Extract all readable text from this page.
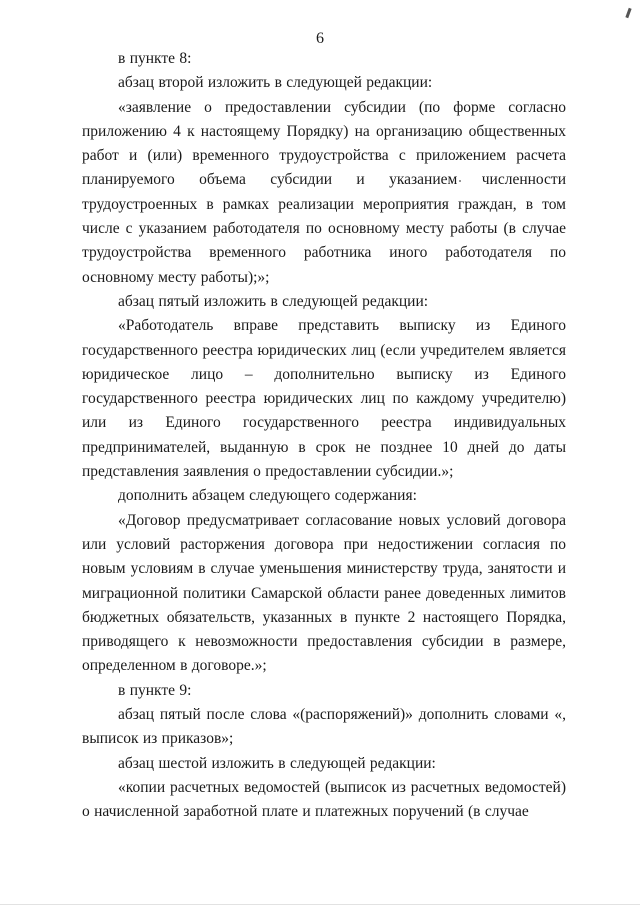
6

в пункте 8:

абзац второй изложить в следующей редакции:

«заявление о предоставлении субсидии (по форме согласно приложению 4 к настоящему Порядку) на организацию общественных работ и (или) временного трудоустройства с приложением расчета планируемого объема субсидии и указанием численности трудоустроенных в рамках реализации мероприятия граждан, в том числе с указанием работодателя по основному месту работы (в случае трудоустройства временного работника иного работодателя по основному месту работы);»;

абзац пятый изложить в следующей редакции:

«Работодатель вправе представить выписку из Единого государственного реестра юридических лиц (если учредителем является юридическое лицо – дополнительно выписку из Единого государственного реестра юридических лиц по каждому учредителю) или из Единого государственного реестра индивидуальных предпринимателей, выданную в срок не позднее 10 дней до даты представления заявления о предоставлении субсидии.»;

дополнить абзацем следующего содержания:

«Договор предусматривает согласование новых условий договора или условий расторжения договора при недостижении согласия по новым условиям в случае уменьшения министерству труда, занятости и миграционной политики Самарской области ранее доведенных лимитов бюджетных обязательств, указанных в пункте 2 настоящего Порядка, приводящего к невозможности предоставления субсидии в размере, определенном в договоре.»;

в пункте 9:

абзац пятый после слова «(распоряжений)» дополнить словами «, выписок из приказов»;

абзац шестой изложить в следующей редакции:

«копии расчетных ведомостей (выписок из расчетных ведомостей) о начисленной заработной плате и платежных поручений (в случае
